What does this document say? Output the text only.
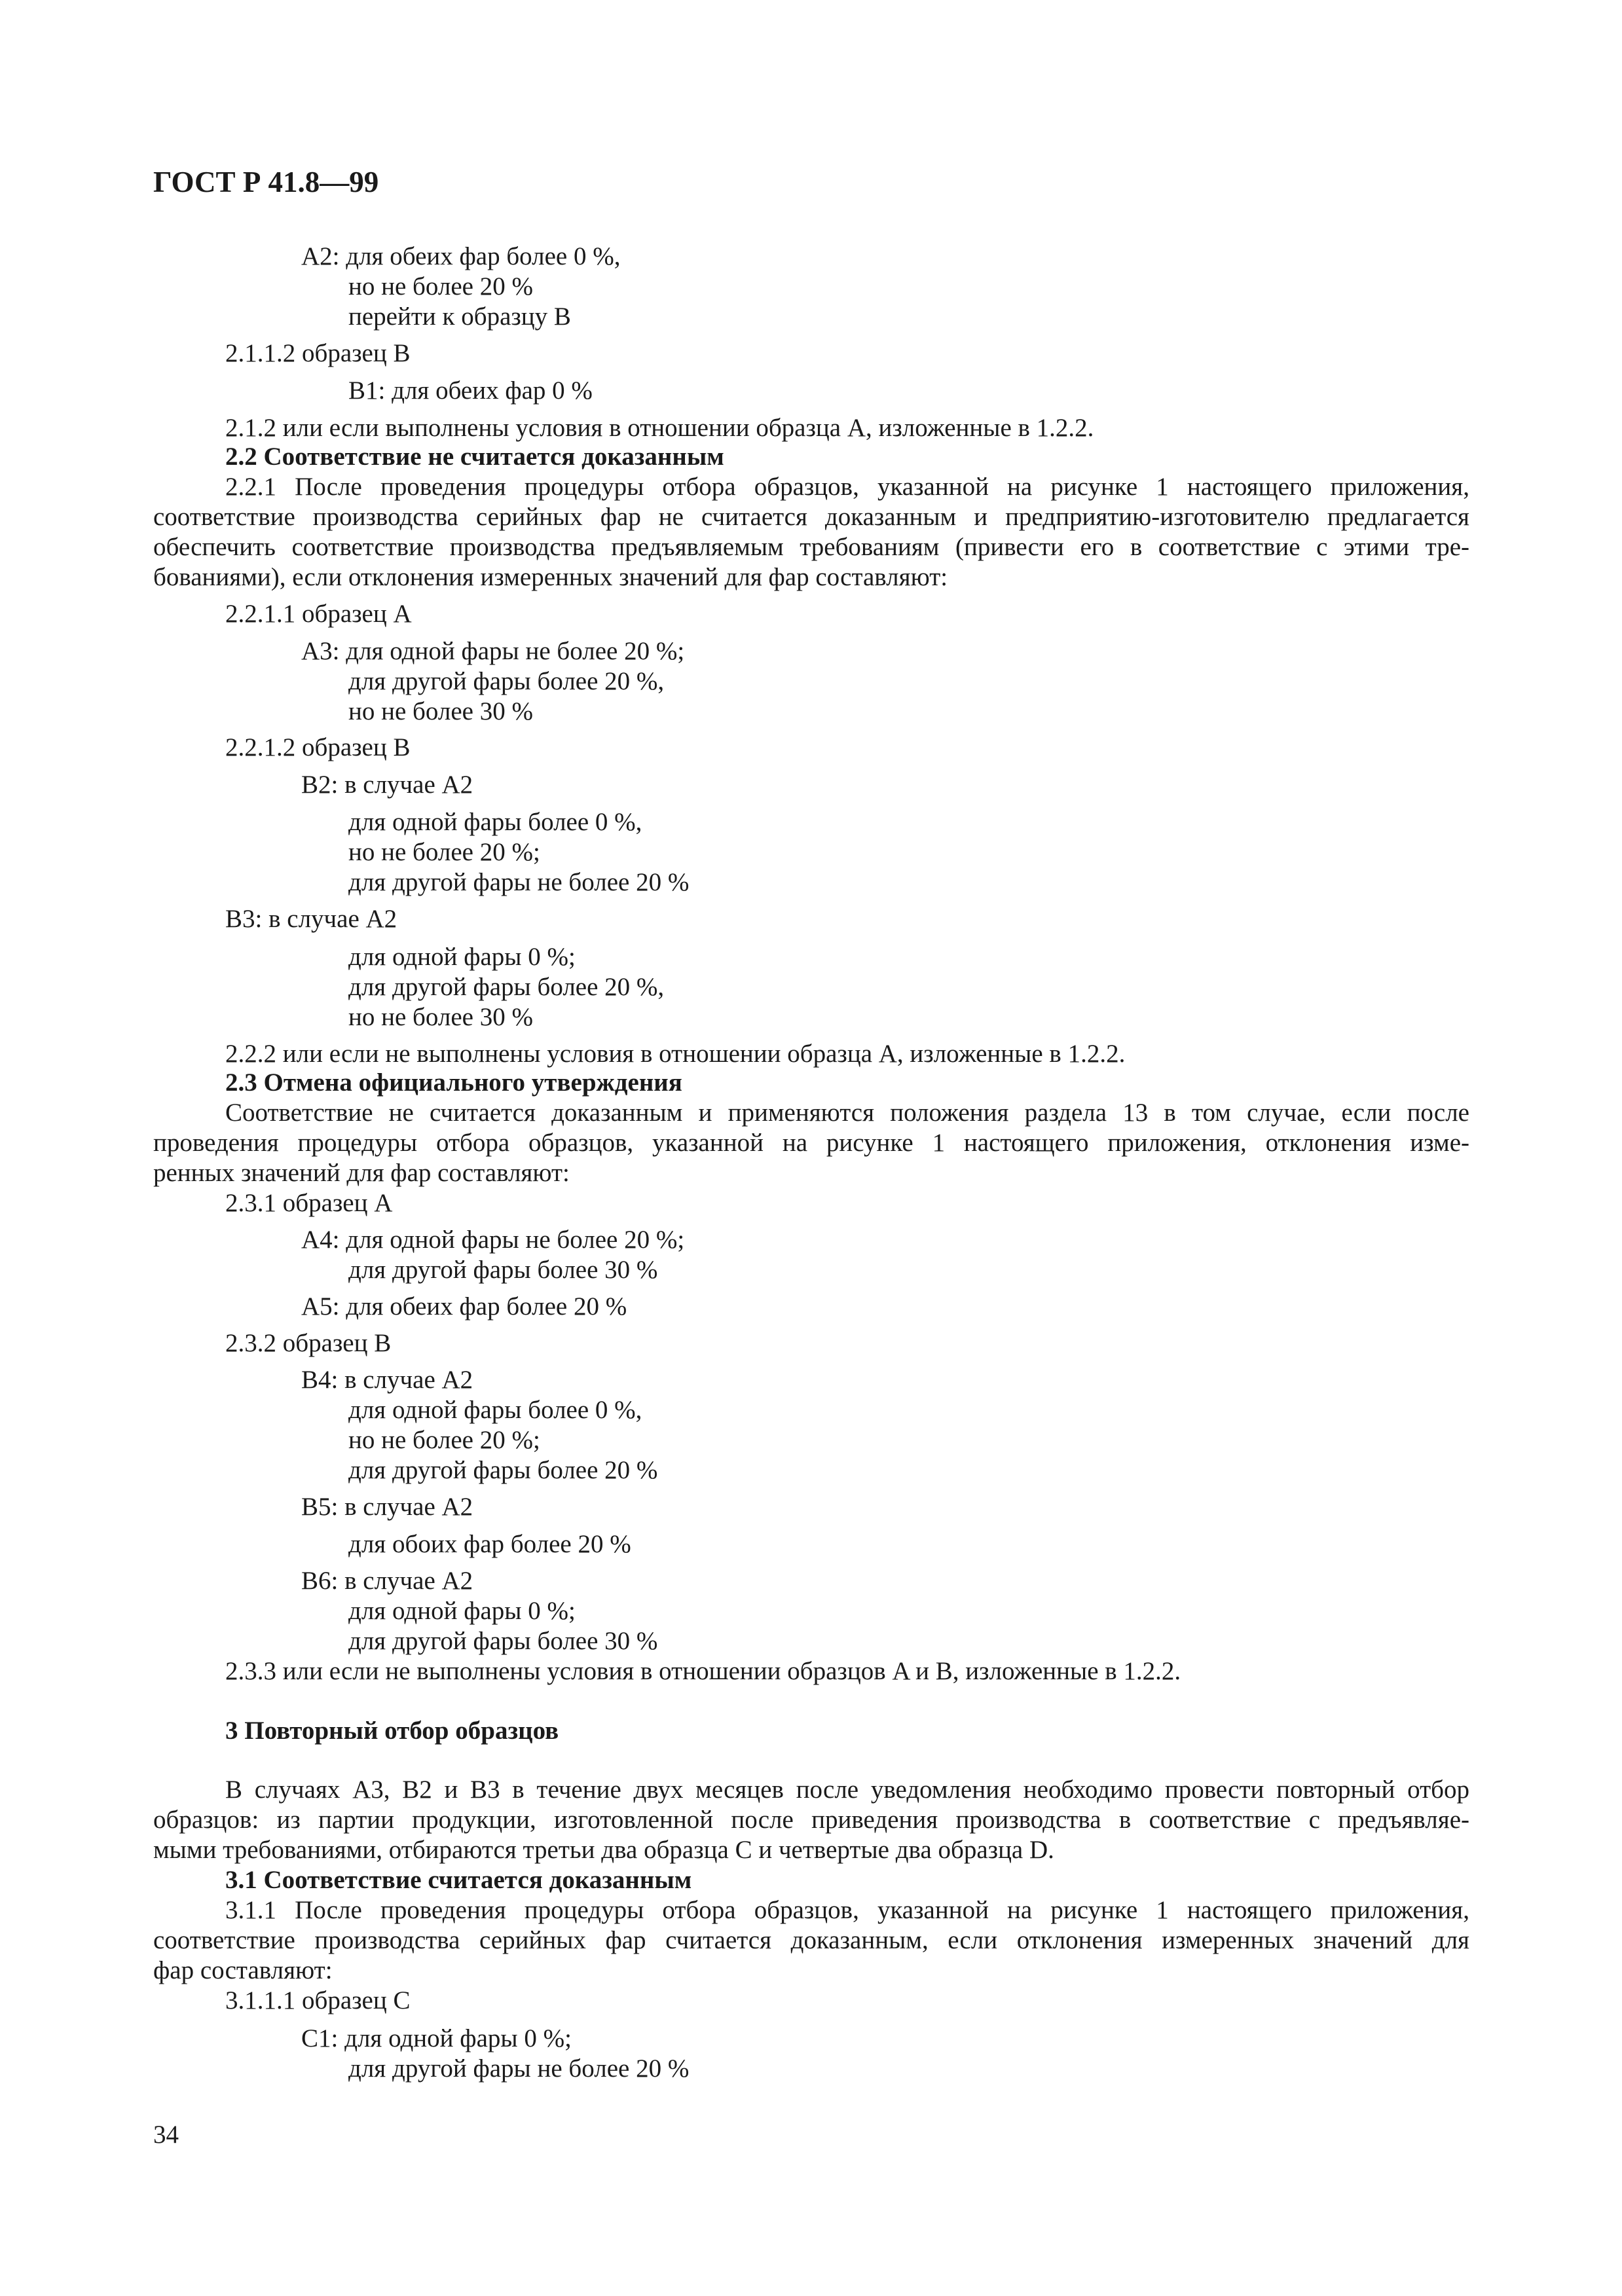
ГОСТ Р 41.8—99
A2: для обеих фар более 0 %,
но не более 20 %
перейти к образцу B
2.1.1.2 образец B
B1: для обеих фар 0 %
2.1.2 или если выполнены условия в отношении образца A, изложенные в 1.2.2.
2.2 Соответствие не считается доказанным
2.2.1 После проведения процедуры отбора образцов, указанной на рисунке 1 настоящего приложения,
соответствие производства серийных фар не считается доказанным и предприятию-изготовителю предлагается
обеспечить соответствие производства предъявляемым требованиям (привести его в соответствие с этими тре-
бованиями), если отклонения измеренных значений для фар составляют:
2.2.1.1 образец A
A3: для одной фары не более 20 %;
для другой фары более 20 %,
но не более 30 %
2.2.1.2 образец B
B2: в случае A2
для одной фары более 0 %,
но не более 20 %;
для другой фары не более 20 %
B3: в случае A2
для одной фары 0 %;
для другой фары более 20 %,
но не более 30 %
2.2.2 или если не выполнены условия в отношении образца A, изложенные в 1.2.2.
2.3 Отмена официального утверждения
Соответствие не считается доказанным и применяются положения раздела 13 в том случае, если после
проведения процедуры отбора образцов, указанной на рисунке 1 настоящего приложения, отклонения изме-
ренных значений для фар составляют:
2.3.1 образец A
A4: для одной фары не более 20 %;
для другой фары более 30 %
A5: для обеих фар более 20 %
2.3.2 образец B
B4: в случае A2
для одной фары более 0 %,
но не более 20 %;
для другой фары более 20 %
B5: в случае A2
для обоих фар более 20 %
B6: в случае A2
для одной фары 0 %;
для другой фары более 30 %
2.3.3 или если не выполнены условия в отношении образцов A и B, изложенные в 1.2.2.
3 Повторный отбор образцов
В случаях A3, B2 и B3 в течение двух месяцев после уведомления необходимо провести повторный отбор
образцов: из партии продукции, изготовленной после приведения производства в соответствие с предъявляе-
мыми требованиями, отбираются третьи два образца C и четвертые два образца D.
3.1 Соответствие считается доказанным
3.1.1 После проведения процедуры отбора образцов, указанной на рисунке 1 настоящего приложения,
соответствие производства серийных фар считается доказанным, если отклонения измеренных значений для
фар составляют:
3.1.1.1 образец C
C1: для одной фары 0 %;
для другой фары не более 20 %
34
